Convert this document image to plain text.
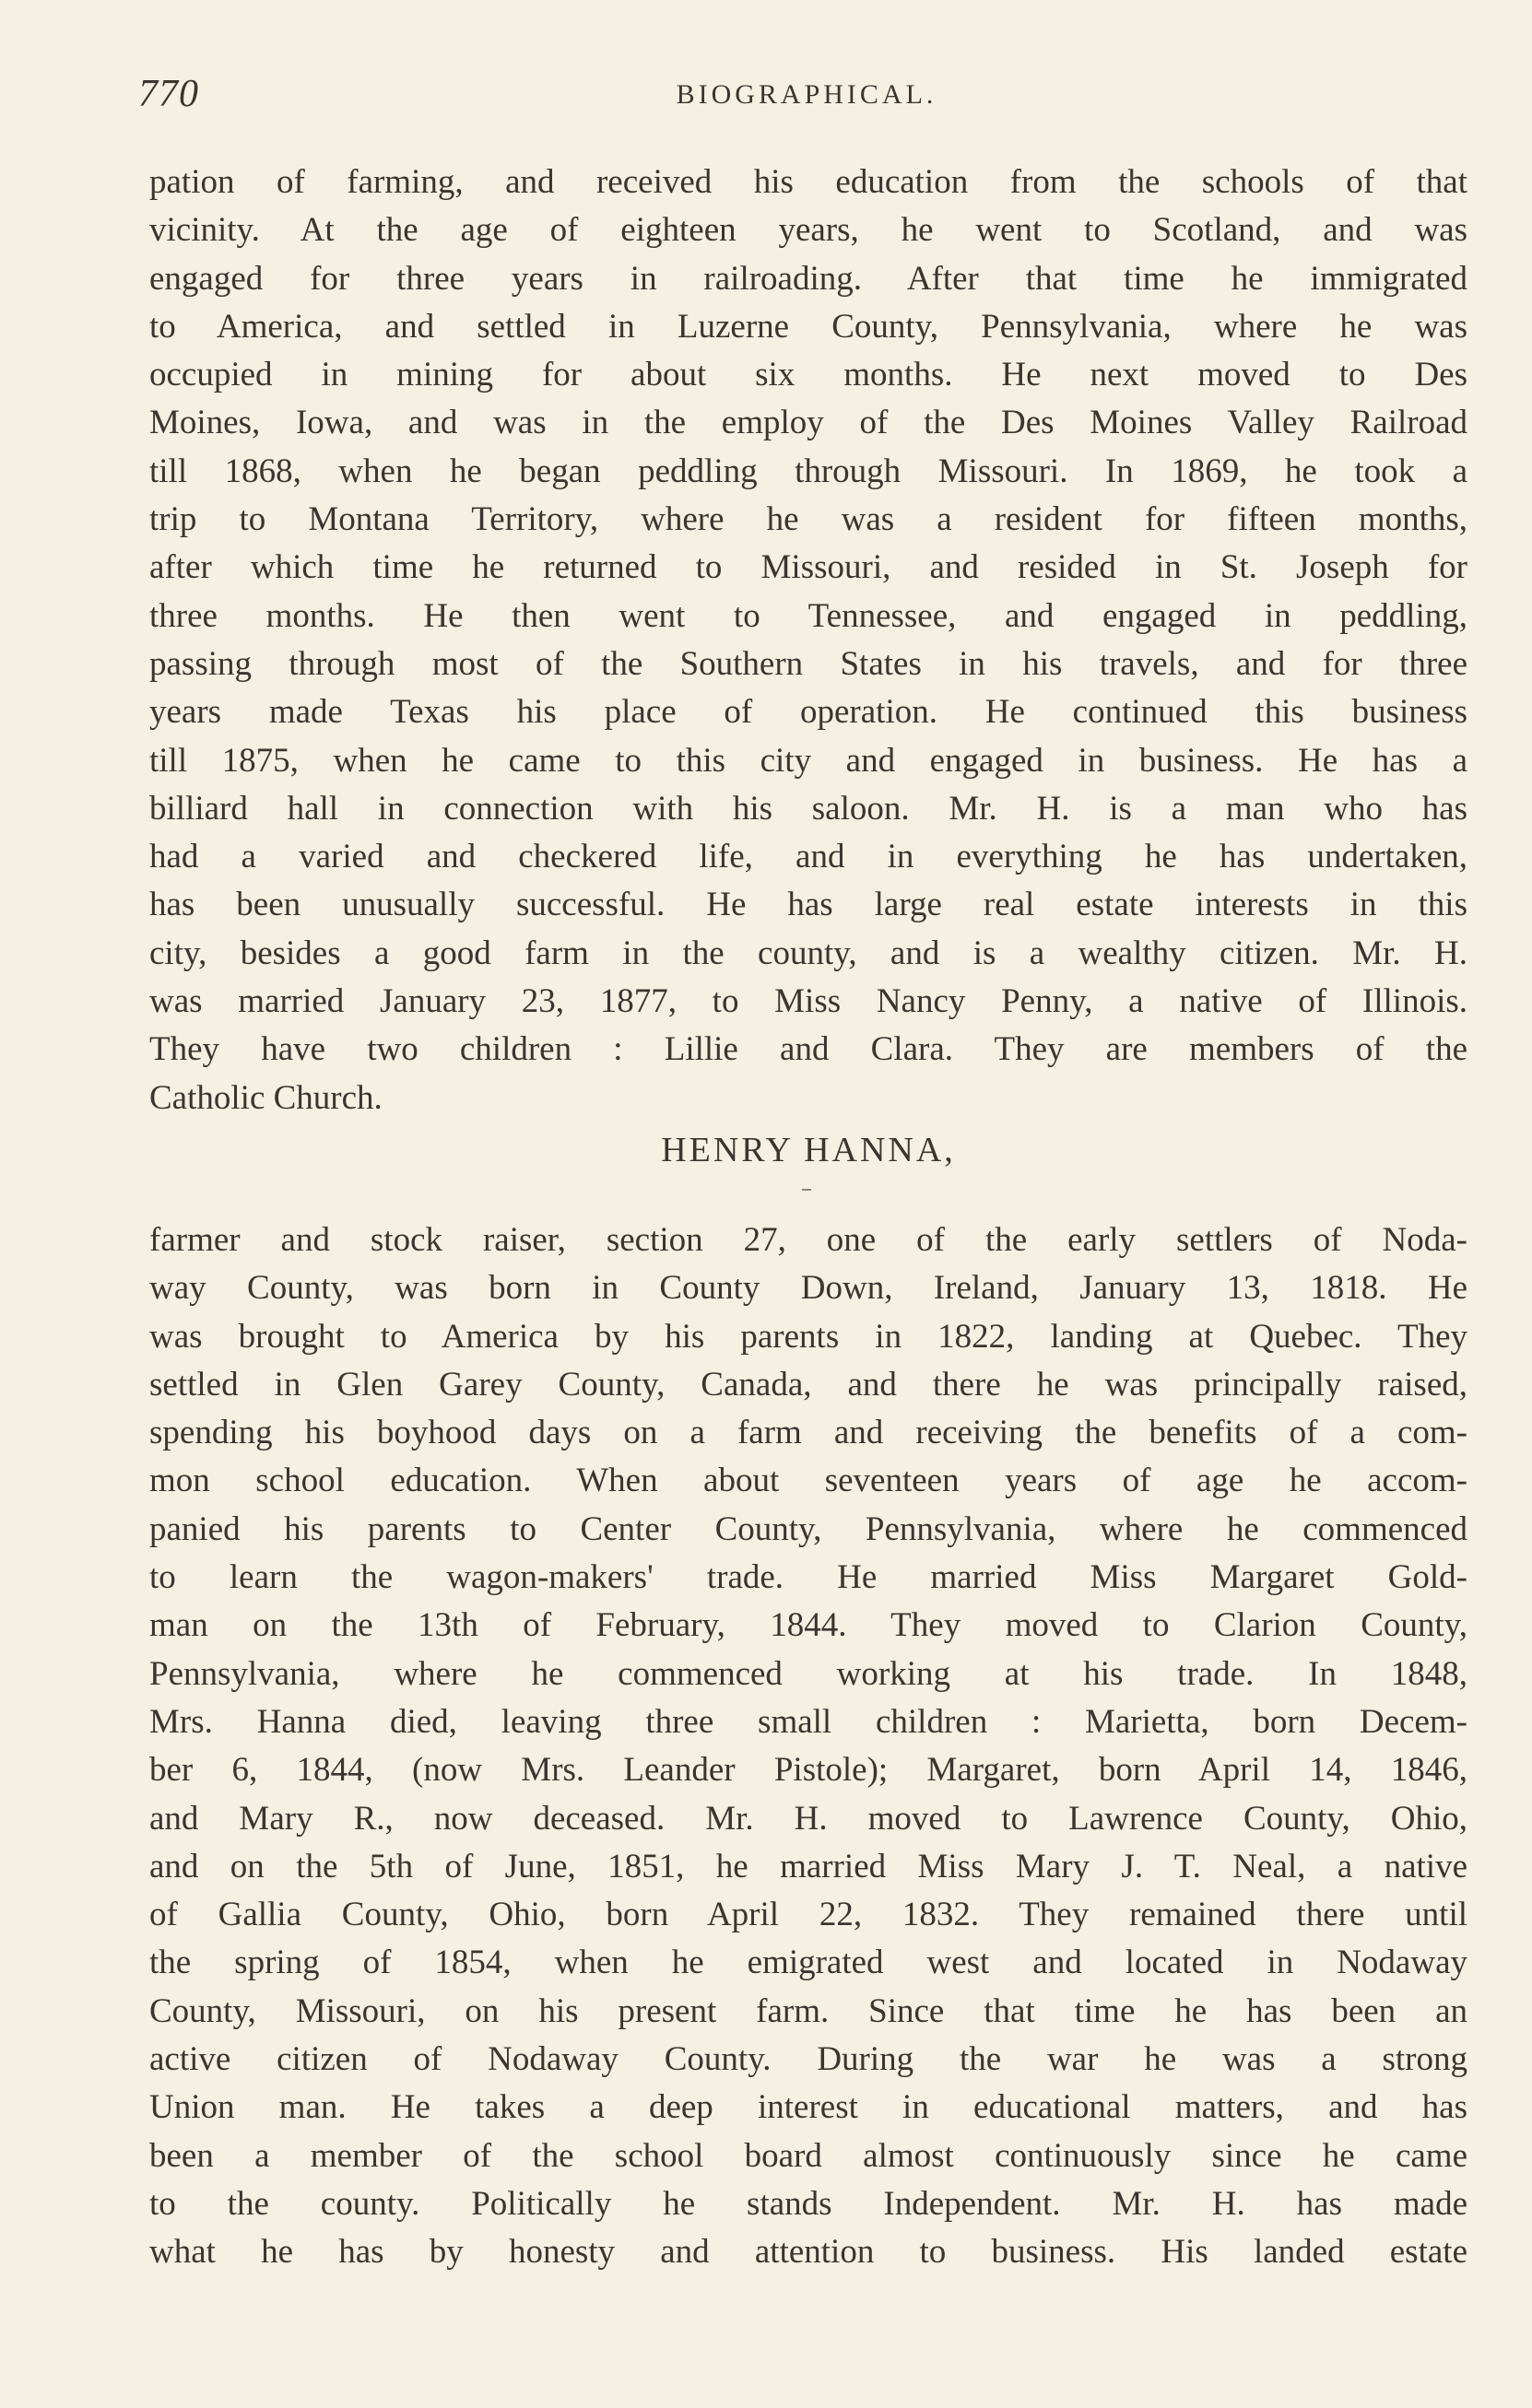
770	BIOGRAPHICAL.
pation of farming, and received his education from the schools of that
vicinity. At the age of eighteen years, he went to Scotland, and was
engaged for three years in railroading. After that time he immigrated
to America, and settled in Luzerne County, Pennsylvania, where he was
occupied in mining for about six months. He next moved to Des
Moines, Iowa, and was in the employ of the Des Moines Valley Railroad
till 1868, when he began peddling through Missouri. In 1869, he took a
trip to Montana Territory, where he was a resident for fifteen months,
after which time he returned to Missouri, and resided in St. Joseph for
three months. He then went to Tennessee, and engaged in peddling,
passing through most of the Southern States in his travels, and for three
years made Texas his place of operation. He continued this business
till 1875, when he came to this city and engaged in business. He has a
billiard hall in connection with his saloon. Mr. H. is a man who has
had a varied and checkered life, and in everything he has undertaken,
has been unusually successful. He has large real estate interests in this
city, besides a good farm in the county, and is a wealthy citizen. Mr. H.
was married January 23, 1877, to Miss Nancy Penny, a native of Illinois.
They have two children : Lillie and Clara. They are members of the
Catholic Church.
HENRY HANNA,
farmer and stock raiser, section 27, one of the early settlers of Noda-
way County, was born in County Down, Ireland, January 13, 1818. He
was brought to America by his parents in 1822, landing at Quebec. They
settled in Glen Garey County, Canada, and there he was principally raised,
spending his boyhood days on a farm and receiving the benefits of a com-
mon school education. When about seventeen years of age he accom-
panied his parents to Center County, Pennsylvania, where he commenced
to learn the wagon-makers' trade. He married Miss Margaret Gold-
man on the 13th of February, 1844. They moved to Clarion County,
Pennsylvania, where he commenced working at his trade. In 1848,
Mrs. Hanna died, leaving three small children : Marietta, born Decem-
ber 6, 1844, (now Mrs. Leander Pistole); Margaret, born April 14, 1846,
and Mary R., now deceased. Mr. H. moved to Lawrence County, Ohio,
and on the 5th of June, 1851, he married Miss Mary J. T. Neal, a native
of Gallia County, Ohio, born April 22, 1832. They remained there until
the spring of 1854, when he emigrated west and located in Nodaway
County, Missouri, on his present farm. Since that time he has been an
active citizen of Nodaway County. During the war he was a strong
Union man. He takes a deep interest in educational matters, and has
been a member of the school board almost continuously since he came
to the county. Politically he stands Independent. Mr. H. has made
what he has by honesty and attention to business. His landed estate
